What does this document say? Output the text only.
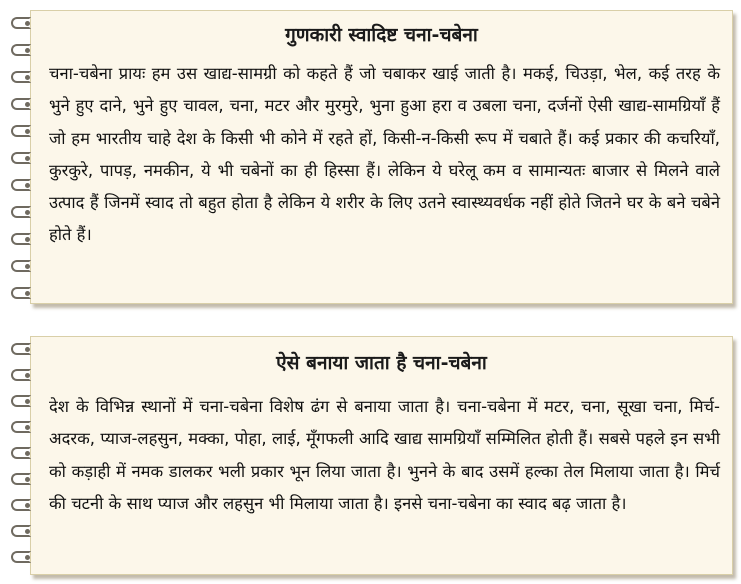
गुणकारी स्वादिष्ट चना-चबेना

चना-चबेना प्रायः हम उस खाद्य-सामग्री को कहते हैं जो चबाकर खाई जाती है। मकई, चिउड़ा, भेल, कई तरह के भुने हुए दाने, भुने हुए चावल, चना, मटर और मुरमुरे, भुना हुआ हरा व उबला चना, दर्जनों ऐसी खाद्य-सामग्रियाँ हैं जो हम भारतीय चाहे देश के किसी भी कोने में रहते हों, किसी-न-किसी रूप में चबाते हैं। कई प्रकार की कचरियाँ, कुरकुरे, पापड़, नमकीन, ये भी चबेनों का ही हिस्सा हैं। लेकिन ये घरेलू कम व सामान्यतः बाजार से मिलने वाले उत्पाद हैं जिनमें स्वाद तो बहुत होता है लेकिन ये शरीर के लिए उतने स्वास्थ्यवर्धक नहीं होते जितने घर के बने चबेने होते हैं।

ऐसे बनाया जाता है चना-चबेना

देश के विभिन्न स्थानों में चना-चबेना विशेष ढंग से बनाया जाता है। चना-चबेना में मटर, चना, सूखा चना, मिर्च-अदरक, प्याज-लहसुन, मक्का, पोहा, लाई, मूँगफली आदि खाद्य सामग्रियाँ सम्मिलित होती हैं। सबसे पहले इन सभी को कड़ाही में नमक डालकर भली प्रकार भून लिया जाता है। भुनने के बाद उसमें हल्का तेल मिलाया जाता है। मिर्च की चटनी के साथ प्याज और लहसुन भी मिलाया जाता है। इनसे चना-चबेना का स्वाद बढ़ जाता है।
